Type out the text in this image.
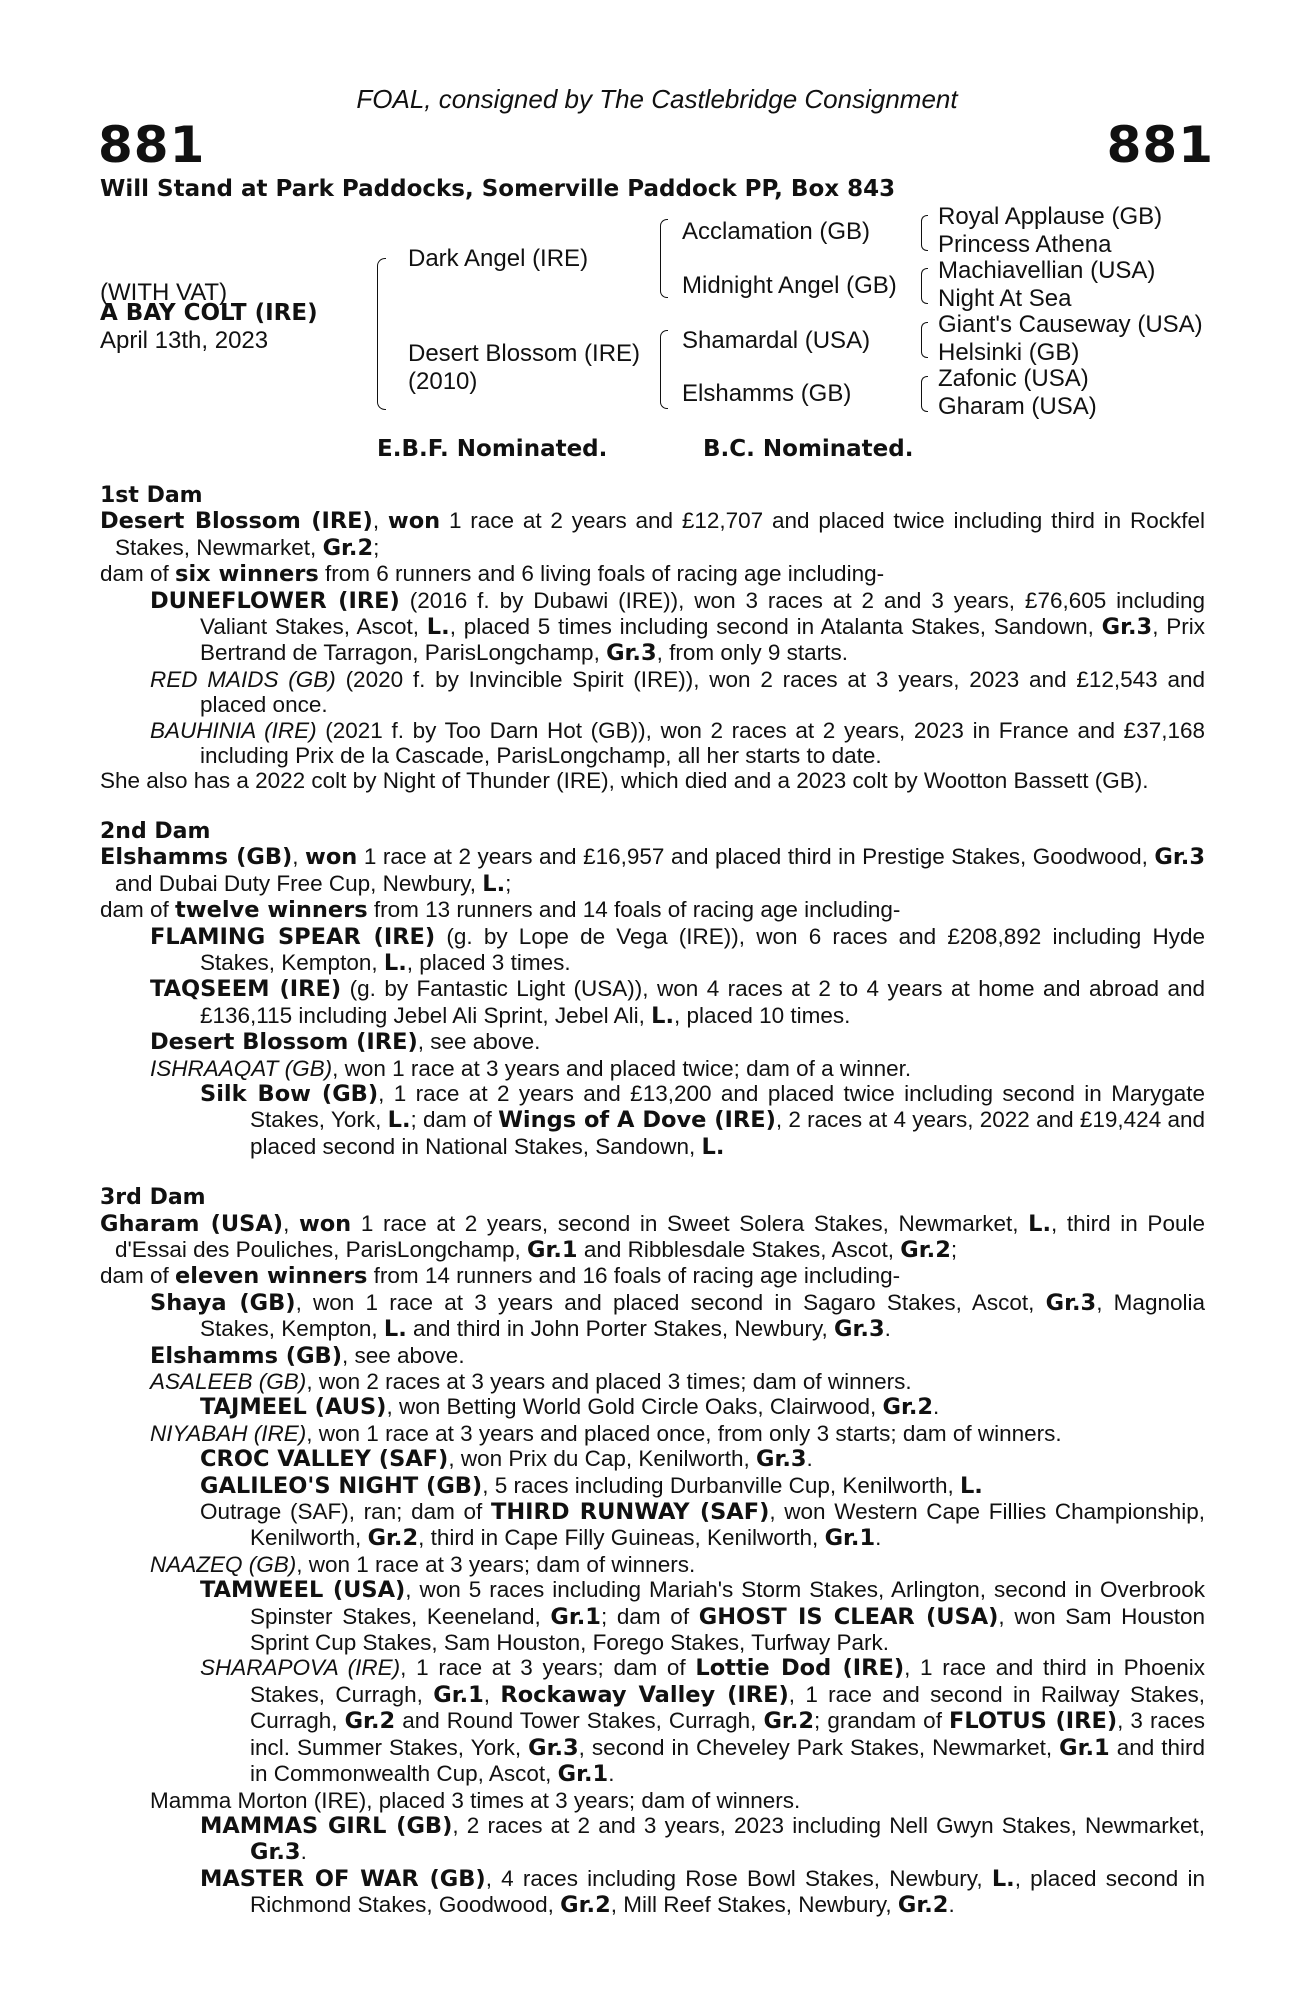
FOAL, consigned by The Castlebridge Consignment
881	881
Will Stand at Park Paddocks, Somerville Paddock PP, Box 843
(WITH VAT)
A BAY COLT (IRE)
April 13th, 2023
Dark Angel (IRE)
Desert Blossom (IRE)
(2010)
Acclamation (GB)
Midnight Angel (GB)
Shamardal (USA)
Elshamms (GB)
Royal Applause (GB)
Princess Athena
Machiavellian (USA)
Night At Sea
Giant's Causeway (USA)
Helsinki (GB)
Zafonic (USA)
Gharam (USA)
E.B.F. Nominated.	B.C. Nominated.
1st Dam
Desert Blossom (IRE), won 1 race at 2 years and £12,707 and placed twice including third in Rockfel Stakes, Newmarket, Gr.2;
dam of six winners from 6 runners and 6 living foals of racing age including-
DUNEFLOWER (IRE) (2016 f. by Dubawi (IRE)), won 3 races at 2 and 3 years, £76,605 including Valiant Stakes, Ascot, L., placed 5 times including second in Atalanta Stakes, Sandown, Gr.3, Prix Bertrand de Tarragon, ParisLongchamp, Gr.3, from only 9 starts.
RED MAIDS (GB) (2020 f. by Invincible Spirit (IRE)), won 2 races at 3 years, 2023 and £12,543 and placed once.
BAUHINIA (IRE) (2021 f. by Too Darn Hot (GB)), won 2 races at 2 years, 2023 in France and £37,168 including Prix de la Cascade, ParisLongchamp, all her starts to date.
She also has a 2022 colt by Night of Thunder (IRE), which died and a 2023 colt by Wootton Bassett (GB).
2nd Dam
Elshamms (GB), won 1 race at 2 years and £16,957 and placed third in Prestige Stakes, Goodwood, Gr.3 and Dubai Duty Free Cup, Newbury, L.;
dam of twelve winners from 13 runners and 14 foals of racing age including-
FLAMING SPEAR (IRE) (g. by Lope de Vega (IRE)), won 6 races and £208,892 including Hyde Stakes, Kempton, L., placed 3 times.
TAQSEEM (IRE) (g. by Fantastic Light (USA)), won 4 races at 2 to 4 years at home and abroad and £136,115 including Jebel Ali Sprint, Jebel Ali, L., placed 10 times.
Desert Blossom (IRE), see above.
ISHRAAQAT (GB), won 1 race at 3 years and placed twice; dam of a winner.
Silk Bow (GB), 1 race at 2 years and £13,200 and placed twice including second in Marygate Stakes, York, L.; dam of Wings of A Dove (IRE), 2 races at 4 years, 2022 and £19,424 and placed second in National Stakes, Sandown, L.
3rd Dam
Gharam (USA), won 1 race at 2 years, second in Sweet Solera Stakes, Newmarket, L., third in Poule d'Essai des Pouliches, ParisLongchamp, Gr.1 and Ribblesdale Stakes, Ascot, Gr.2;
dam of eleven winners from 14 runners and 16 foals of racing age including-
Shaya (GB), won 1 race at 3 years and placed second in Sagaro Stakes, Ascot, Gr.3, Magnolia Stakes, Kempton, L. and third in John Porter Stakes, Newbury, Gr.3.
Elshamms (GB), see above.
ASALEEB (GB), won 2 races at 3 years and placed 3 times; dam of winners.
TAJMEEL (AUS), won Betting World Gold Circle Oaks, Clairwood, Gr.2.
NIYABAH (IRE), won 1 race at 3 years and placed once, from only 3 starts; dam of winners.
CROC VALLEY (SAF), won Prix du Cap, Kenilworth, Gr.3.
GALILEO'S NIGHT (GB), 5 races including Durbanville Cup, Kenilworth, L.
Outrage (SAF), ran; dam of THIRD RUNWAY (SAF), won Western Cape Fillies Championship, Kenilworth, Gr.2, third in Cape Filly Guineas, Kenilworth, Gr.1.
NAAZEQ (GB), won 1 race at 3 years; dam of winners.
TAMWEEL (USA), won 5 races including Mariah's Storm Stakes, Arlington, second in Overbrook Spinster Stakes, Keeneland, Gr.1; dam of GHOST IS CLEAR (USA), won Sam Houston Sprint Cup Stakes, Sam Houston, Forego Stakes, Turfway Park.
SHARAPOVA (IRE), 1 race at 3 years; dam of Lottie Dod (IRE), 1 race and third in Phoenix Stakes, Curragh, Gr.1, Rockaway Valley (IRE), 1 race and second in Railway Stakes, Curragh, Gr.2 and Round Tower Stakes, Curragh, Gr.2; grandam of FLOTUS (IRE), 3 races incl. Summer Stakes, York, Gr.3, second in Cheveley Park Stakes, Newmarket, Gr.1 and third in Commonwealth Cup, Ascot, Gr.1.
Mamma Morton (IRE), placed 3 times at 3 years; dam of winners.
MAMMAS GIRL (GB), 2 races at 2 and 3 years, 2023 including Nell Gwyn Stakes, Newmarket, Gr.3.
MASTER OF WAR (GB), 4 races including Rose Bowl Stakes, Newbury, L., placed second in Richmond Stakes, Goodwood, Gr.2, Mill Reef Stakes, Newbury, Gr.2.
